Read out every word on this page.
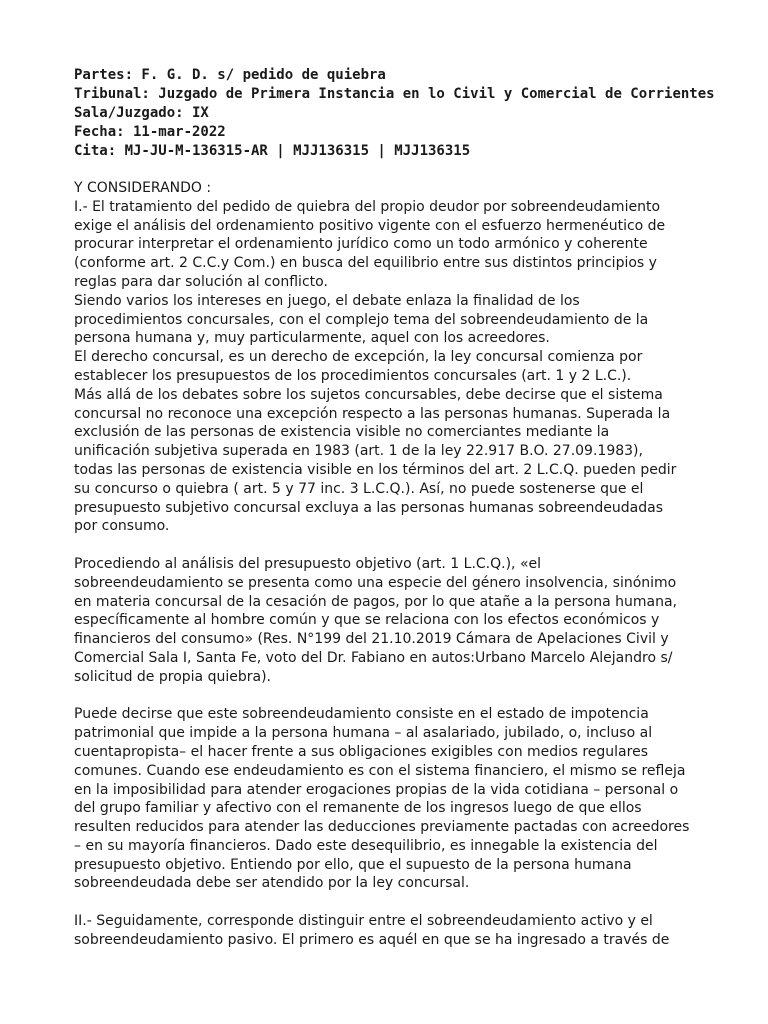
Partes: F. G. D. s/ pedido de quiebra
Tribunal: Juzgado de Primera Instancia en lo Civil y Comercial de Corrientes
Sala/Juzgado: IX
Fecha: 11-mar-2022
Cita: MJ-JU-M-136315-AR | MJJ136315 | MJJ136315
Y CONSIDERANDO :
I.- El tratamiento del pedido de quiebra del propio deudor por sobreendeudamiento
exige el análisis del ordenamiento positivo vigente con el esfuerzo hermenéutico de
procurar interpretar el ordenamiento jurídico como un todo armónico y coherente
(conforme art. 2 C.C.y Com.) en busca del equilibrio entre sus distintos principios y
reglas para dar solución al conflicto.
Siendo varios los intereses en juego, el debate enlaza la finalidad de los
procedimientos concursales, con el complejo tema del sobreendeudamiento de la
persona humana y, muy particularmente, aquel con los acreedores.
El derecho concursal, es un derecho de excepción, la ley concursal comienza por
establecer los presupuestos de los procedimientos concursales (art. 1 y 2 L.C.).
Más allá de los debates sobre los sujetos concursables, debe decirse que el sistema
concursal no reconoce una excepción respecto a las personas humanas. Superada la
exclusión de las personas de existencia visible no comerciantes mediante la
unificación subjetiva superada en 1983 (art. 1 de la ley 22.917 B.O. 27.09.1983),
todas las personas de existencia visible en los términos del art. 2 L.C.Q. pueden pedir
su concurso o quiebra ( art. 5 y 77 inc. 3 L.C.Q.). Así, no puede sostenerse que el
presupuesto subjetivo concursal excluya a las personas humanas sobreendeudadas
por consumo.
Procediendo al análisis del presupuesto objetivo (art. 1 L.C.Q.), «el
sobreendeudamiento se presenta como una especie del género insolvencia, sinónimo
en materia concursal de la cesación de pagos, por lo que atañe a la persona humana,
específicamente al hombre común y que se relaciona con los efectos económicos y
financieros del consumo» (Res. N°199 del 21.10.2019 Cámara de Apelaciones Civil y
Comercial Sala I, Santa Fe, voto del Dr. Fabiano en autos:Urbano Marcelo Alejandro s/
solicitud de propia quiebra).
Puede decirse que este sobreendeudamiento consiste en el estado de impotencia
patrimonial que impide a la persona humana – al asalariado, jubilado, o, incluso al
cuentapropista– el hacer frente a sus obligaciones exigibles con medios regulares
comunes. Cuando ese endeudamiento es con el sistema financiero, el mismo se refleja
en la imposibilidad para atender erogaciones propias de la vida cotidiana – personal o
del grupo familiar y afectivo con el remanente de los ingresos luego de que ellos
resulten reducidos para atender las deducciones previamente pactadas con acreedores
– en su mayoría financieros. Dado este desequilibrio, es innegable la existencia del
presupuesto objetivo. Entiendo por ello, que el supuesto de la persona humana
sobreendeudada debe ser atendido por la ley concursal.
II.- Seguidamente, corresponde distinguir entre el sobreendeudamiento activo y el
sobreendeudamiento pasivo. El primero es aquél en que se ha ingresado a través de
